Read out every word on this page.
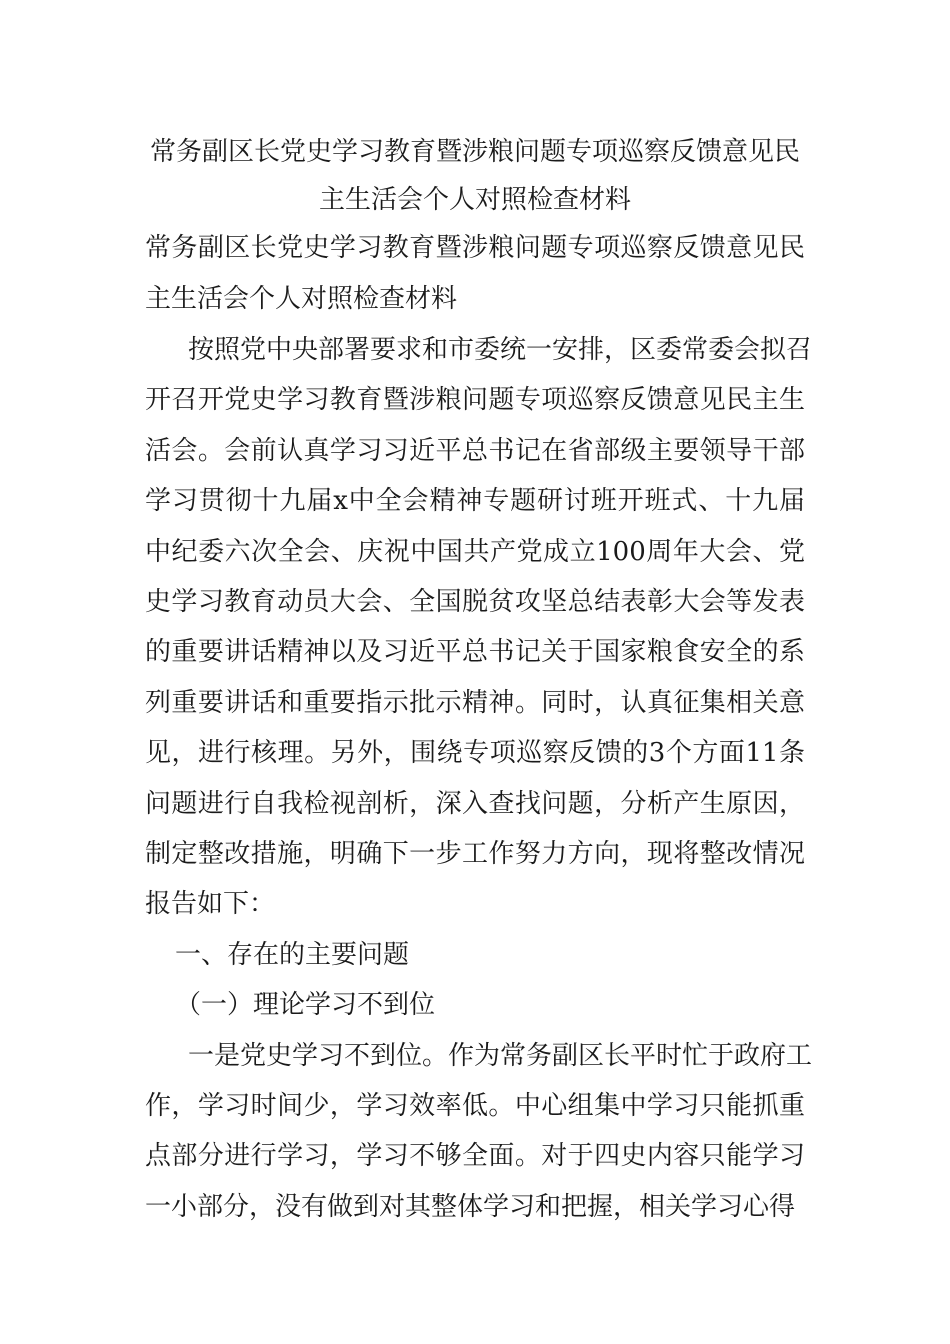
常务副区长党史学习教育暨涉粮问题专项巡察反馈意见民
主生活会个人对照检查材料
常务副区长党史学习教育暨涉粮问题专项巡察反馈意见民
主生活会个人对照检查材料
按照党中央部署要求和市委统一安排，区委常委会拟召
开召开党史学习教育暨涉粮问题专项巡察反馈意见民主生
活会。会前认真学习习近平总书记在省部级主要领导干部
学习贯彻十九届x中全会精神专题研讨班开班式、十九届
中纪委六次全会、庆祝中国共产党成立100周年大会、党
史学习教育动员大会、全国脱贫攻坚总结表彰大会等发表
的重要讲话精神以及习近平总书记关于国家粮食安全的系
列重要讲话和重要指示批示精神。同时，认真征集相关意
见，进行核理。另外，围绕专项巡察反馈的3个方面11条
问题进行自我检视剖析，深入查找问题，分析产生原因，
制定整改措施，明确下一步工作努力方向，现将整改情况
报告如下：
一、存在的主要问题
（一）理论学习不到位
一是党史学习不到位。作为常务副区长平时忙于政府工
作，学习时间少，学习效率低。中心组集中学习只能抓重
点部分进行学习，学习不够全面。对于四史内容只能学习
一小部分，没有做到对其整体学习和把握，相关学习心得
